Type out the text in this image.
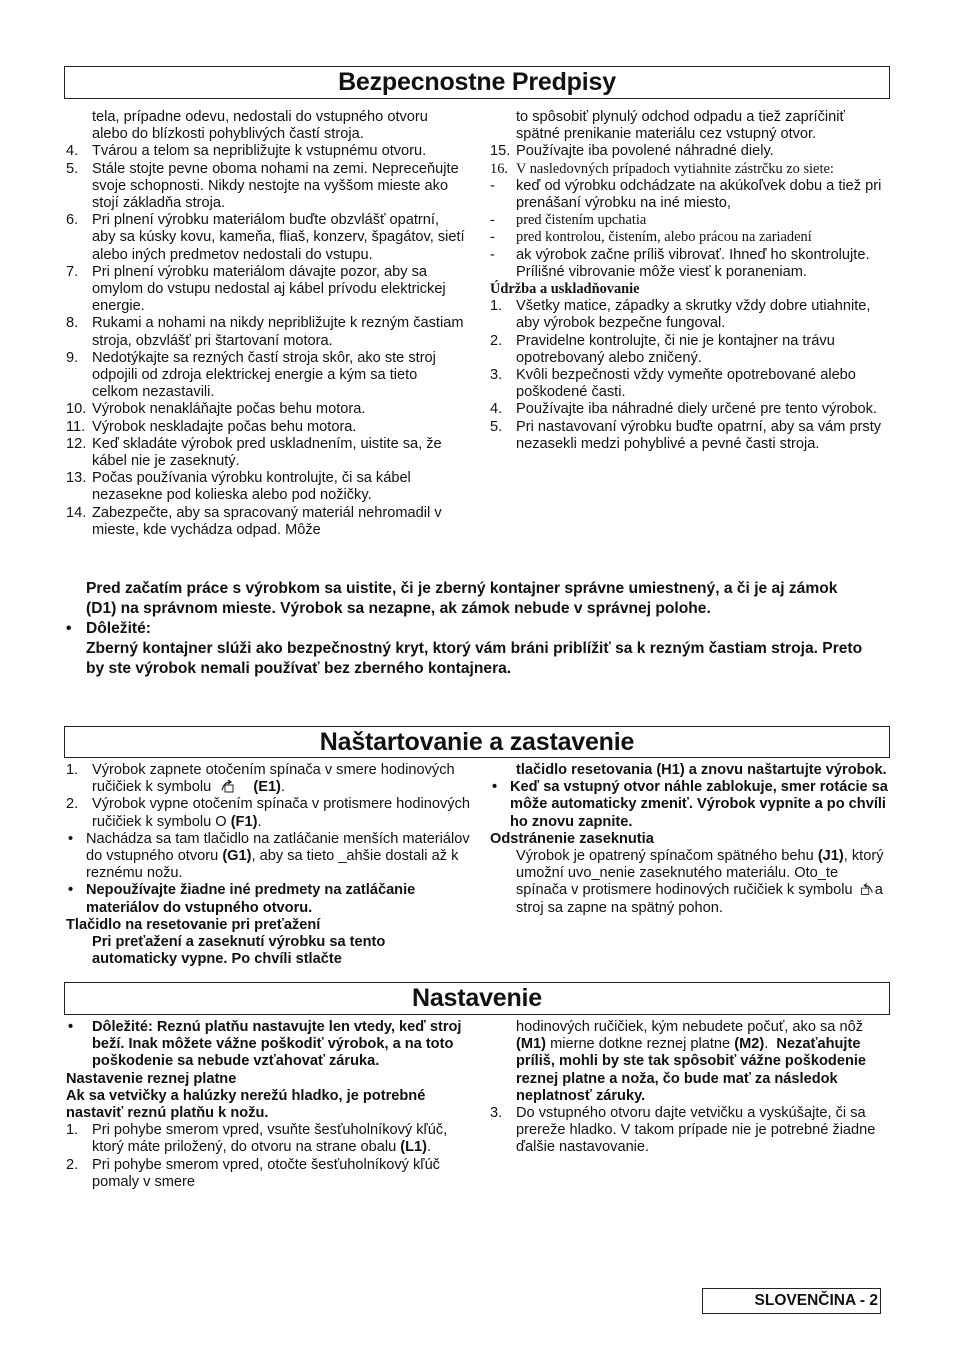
Bezpecnostne Predpisy
tela, prípadne odevu, nedostali do vstupného otvoru alebo do blízkosti pohyblivých častí stroja.
4. Tvárou a telom sa nepribližujte k vstupnému otvoru.
5. Stále stojte pevne oboma nohami na zemi. Neprecеňujte svoje schopnosti. Nikdy nestojte na vyššom mieste ako stojí základňa stroja.
6. Pri plnení výrobku materiálom buďte obzvlášť opatrní, aby sa kúsky kovu, kameňa, fliaš, konzerv, špagátov, sietí alebo iných predmetov nedostali do vstupu.
7. Pri plnení výrobku materiálom dávajte pozor, aby sa omylom do vstupu nedostal aj kábel prívodu elektrickej energie.
8. Rukami a nohami na nikdy nepribližujte k rezným častiam stroja, obzvlášť pri štartovaní motora.
9. Nedotýkajte sa rezných častí stroja skôr, ako ste stroj odpojili od zdroja elektrickej energie a kým sa tieto celkom nezastavili.
10. Výrobok nenakláňajte počas behu motora.
11. Výrobok neskladajte počas behu motora.
12. Keď skladáte výrobok pred uskladnením, uistite sa, že kábel nie je zaseknutý.
13. Počas používania výrobku kontrolujte, či sa kábel nezasekne pod kolieska alebo pod nožičky.
14. Zabezpečte, aby sa spracovaný materiál nehromadil v mieste, kde vychádza odpad. Môže
to spôsobiť plynulý odchod odpadu a tiež zapríčiniť spätné prenikanie materiálu cez vstupný otvor.
15. Používajte iba povolené náhradné diely.
16. V nasledovných prípadoch vytiahnite zástrčku zo siete:
- keď od výrobku odchádzate na akúkoľvek dobu a tiež pri prenášaní výrobku na iné miesto,
- pred čistením upchatia
- pred kontrolou, čistením, alebo prácou na zariadení
- ak výrobok začne príliš vibrovať. Ihneď ho skontrolujte. Prílišné vibrovanie môže viesť k poraneniam.
Údržba a uskladňovanie
1. Všetky matice, západky a skrutky vždy dobre utiahnite, aby výrobok bezpečne fungoval.
2. Pravidelne kontrolujte, či nie je kontajner na trávu opotrebovaný alebo zničený.
3. Kvôli bezpečnosti vždy vymeňte opotrebované alebo poškodené časti.
4. Používajte iba náhradné diely určené pre tento výrobok.
5. Pri nastavovaní výrobku buďte opatrní, aby sa vám prsty nezasekli medzi pohyblivé a pevné časti stroja.
Pred začatím práce s výrobkom sa uistite, či je zberný kontajner správne umiestnený, a či je aj zámok (D1) na správnom mieste. Výrobok sa nezapne, ak zámok nebude v správnej polohe.
• Dôležité:
Zberný kontajner slúži ako bezpečnostný kryt, ktorý vám bráni priblížiť sa k rezným častiam stroja. Preto by ste výrobok nemali používať bez zberného kontajnera.
Naštartovanie a zastavenie
1. Výrobok zapnete otočením spínača v smere hodinových ručičiek k symbolu	(E1).
2. Výrobok vypne otočením spínača v protismere hodinových ručičiek k symbolu O (F1).
• Nachádza sa tam tlačidlo na zatláčanie menších materiálov do vstupného otvoru (G1), aby sa tieto _ahšie dostali až k reznému nožu.
• Nepoužívajte žiadne iné predmety na zatláčanie materiálov do vstupného otvoru.
Tlačidlo na resetovanie pri preťažení
Pri preťažení a zaseknutí výrobku sa tento automaticky vypne. Po chvíli stlačte
tlačidlo resetovania (H1) a znovu naštartujte výrobok.
• Keď sa vstupný otvor náhle zablokuje, smer rotácie sa môže automaticky zmeniť. Výrobok vypnite a po chvíli ho znovu zapnite.
Odstránenie zaseknutia
Výrobok je opatrený spínačom spätného behu (J1), ktorý umožní uvo_nenie zaseknutého materiálu. Oto_te spínača v protismere hodinových ručičiek k symbolu a stroj sa zapne na spätný pohon.
Nastavenie
• Dôležité: Reznú platňu nastavujte len vtedy, keď stroj beží. Inak môžete vážne poškodiť výrobok, a na toto poškodenie sa nebude vzťahovať záruka.
Nastavenie reznej platne
Ak sa vetvičky a halúzky nerežú hladko, je potrebné nastaviť reznú platňu k nožu.
1. Pri pohybe smerom vpred, vsuňte šesťuholníkový kľúč, ktorý máte priložený, do otvoru na strane obalu (L1).
2. Pri pohybe smerom vpred, otočte šesťuholníkový kľúč pomaly v smere
hodinových ručičiek, kým nebudete počuť, ako sa nôž (M1) mierne dotkne reznej platne (M2). Nezaťahujte príliš, mohli by ste tak spôsobiť vážne poškodenie reznej platne a noža, čo bude mať za následok neplatnosť záruky.
3. Do vstupného otvoru dajte vetvičku a vyskúšajte, či sa prereže hladko. V takom prípade nie je potrebné žiadne ďalšie nastavovanie.
SLOVENČINA - 2
